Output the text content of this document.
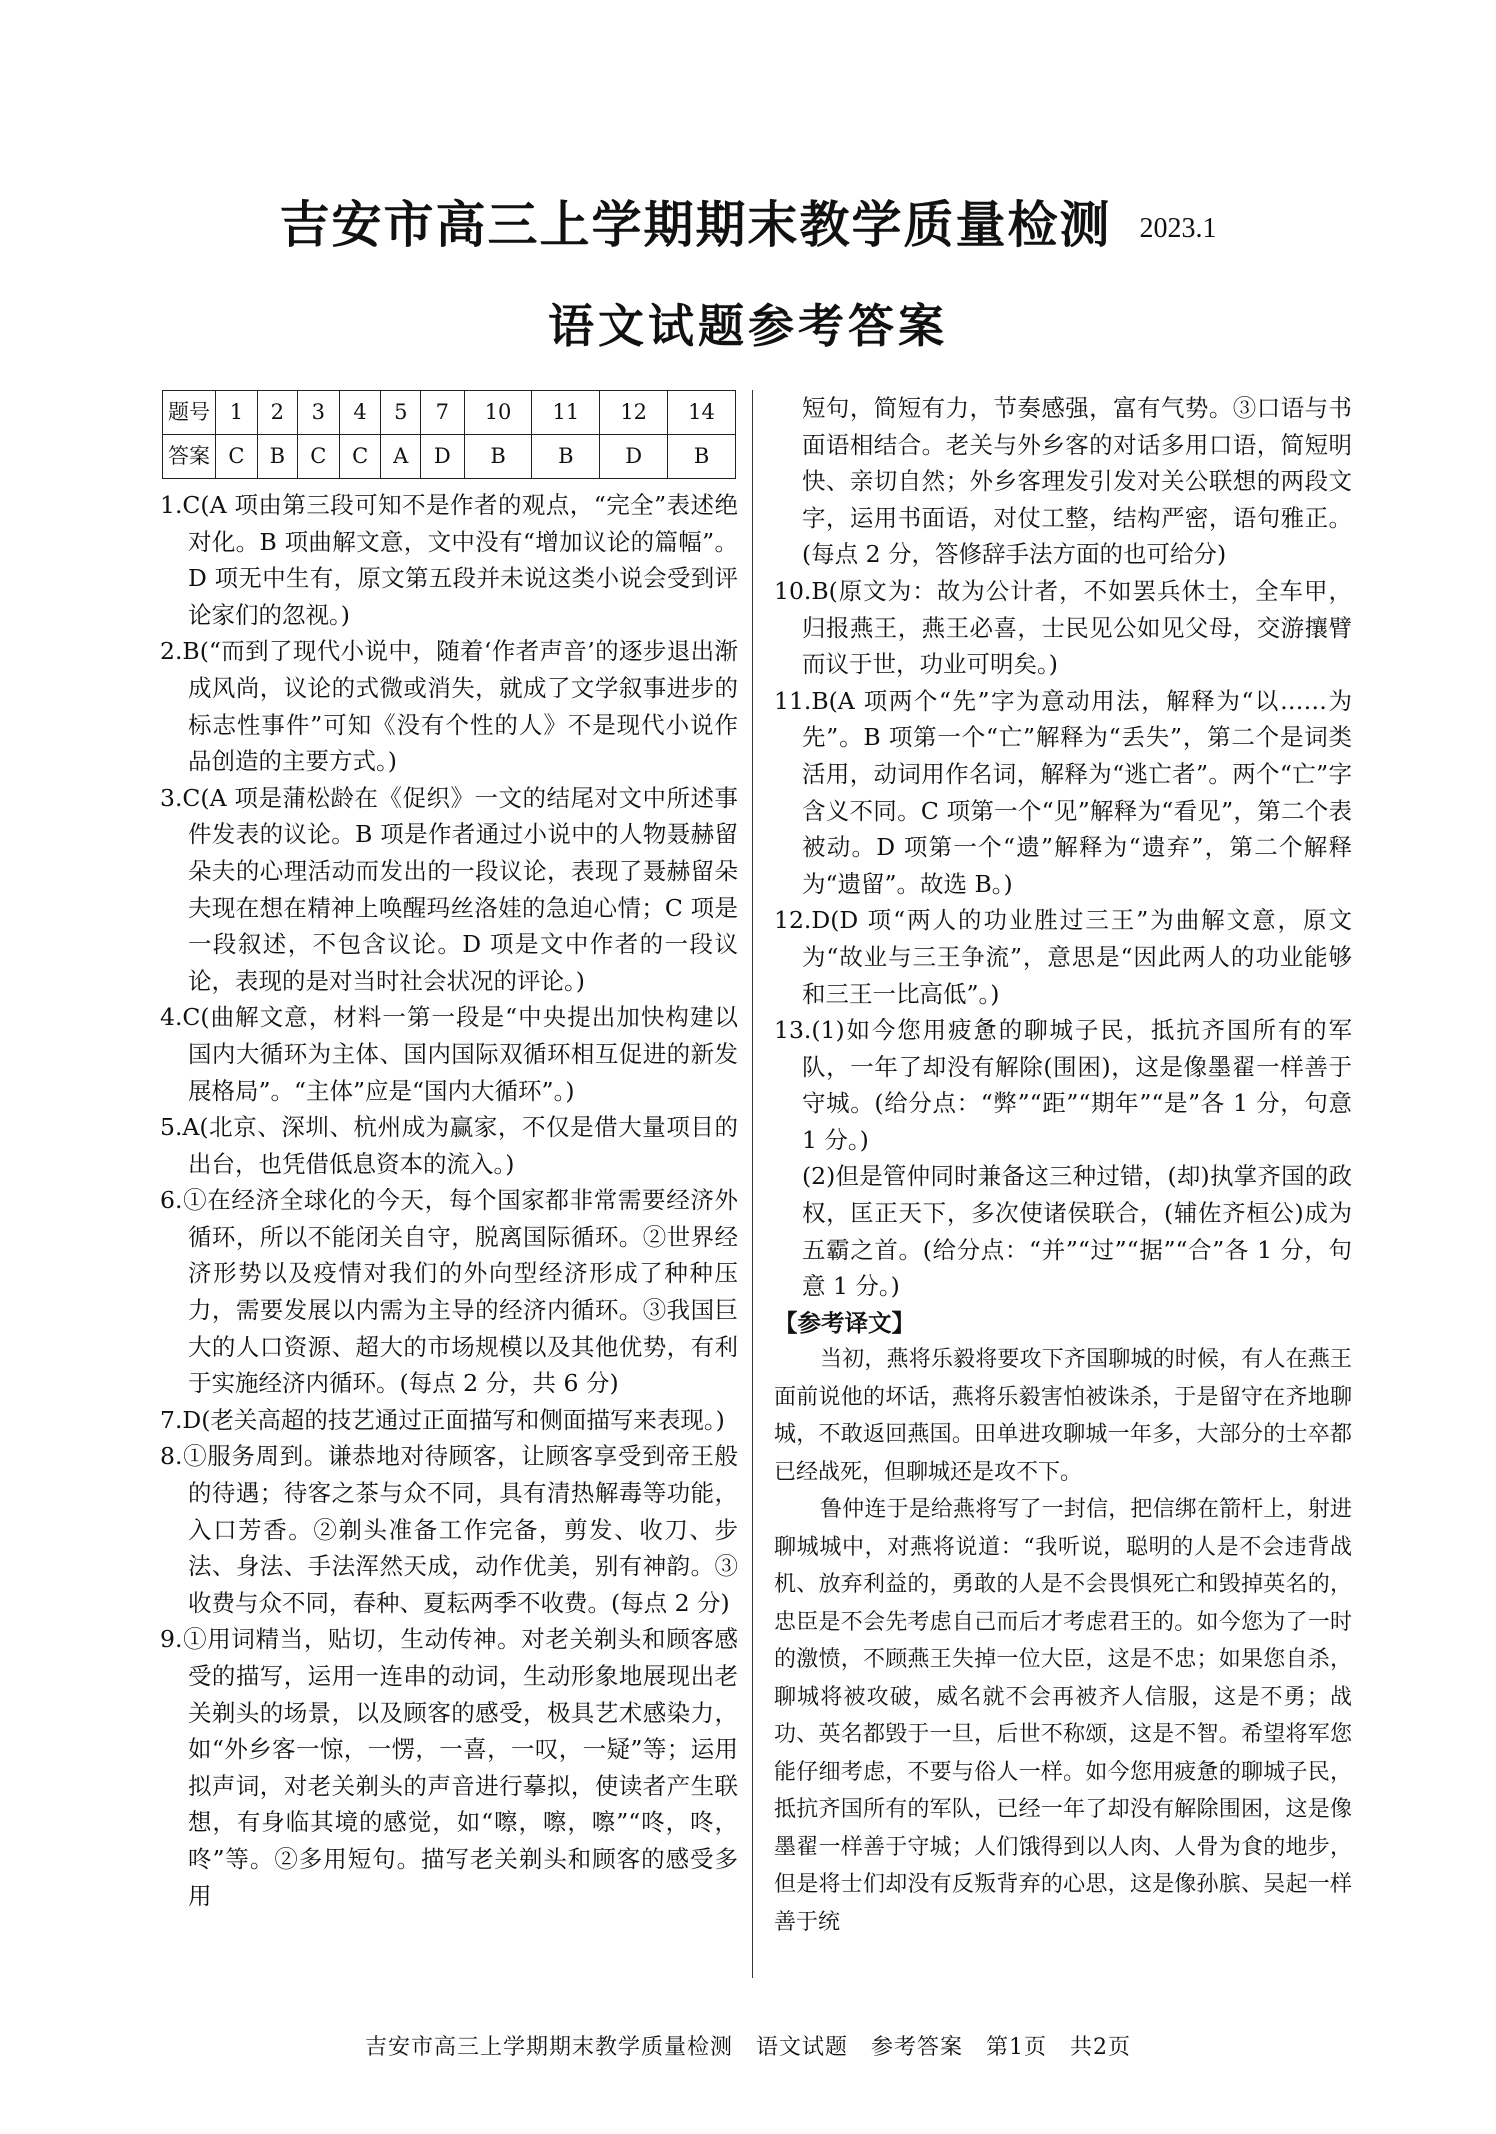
吉安市高三上学期期末教学质量检测 2023.1
语文试题参考答案
题号	1	2	3	4	5	7	10	11	12	14
答案	C	B	C	C	A	D	B	B	D	B

1.C(A 项由第三段可知不是作者的观点，“完全”表述绝对化。B 项曲解文意，文中没有“增加议论的篇幅”。D 项无中生有，原文第五段并未说这类小说会受到评论家们的忽视。)

2.B(“而到了现代小说中，随着‘作者声音’的逐步退出渐成风尚，议论的式微或消失，就成了文学叙事进步的标志性事件”可知《没有个性的人》不是现代小说作品创造的主要方式。)

3.C(A 项是蒲松龄在《促织》一文的结尾对文中所述事件发表的议论。B 项是作者通过小说中的人物聂赫留朵夫的心理活动而发出的一段议论，表现了聂赫留朵夫现在想在精神上唤醒玛丝洛娃的急迫心情；C 项是一段叙述，不包含议论。D 项是文中作者的一段议论，表现的是对当时社会状况的评论。)

4.C(曲解文意，材料一第一段是“中央提出加快构建以国内大循环为主体、国内国际双循环相互促进的新发展格局”。“主体”应是“国内大循环”。)

5.A(北京、深圳、杭州成为赢家，不仅是借大量项目的出台，也凭借低息资本的流入。)

6.①在经济全球化的今天，每个国家都非常需要经济外循环，所以不能闭关自守，脱离国际循环。②世界经济形势以及疫情对我们的外向型经济形成了种种压力，需要发展以内需为主导的经济内循环。③我国巨大的人口资源、超大的市场规模以及其他优势，有利于实施经济内循环。(每点 2 分，共 6 分)

7.D(老关高超的技艺通过正面描写和侧面描写来表现。)

8.①服务周到。谦恭地对待顾客，让顾客享受到帝王般的待遇；待客之茶与众不同，具有清热解毒等功能，入口芳香。②剃头准备工作完备，剪发、收刀、步法、身法、手法浑然天成，动作优美，别有神韵。③收费与众不同，春种、夏耘两季不收费。(每点 2 分)

9.①用词精当，贴切，生动传神。对老关剃头和顾客感受的描写，运用一连串的动词，生动形象地展现出老关剃头的场景，以及顾客的感受，极具艺术感染力，如“外乡客一惊，一愣，一喜，一叹，一疑”等；运用拟声词，对老关剃头的声音进行摹拟，使读者产生联想，有身临其境的感觉，如“嚓，嚓，嚓”“咚，咚，咚”等。②多用短句。描写老关剃头和顾客的感受多用

短句，简短有力，节奏感强，富有气势。③口语与书面语相结合。老关与外乡客的对话多用口语，简短明快、亲切自然；外乡客理发引发对关公联想的两段文字，运用书面语，对仗工整，结构严密，语句雅正。(每点 2 分，答修辞手法方面的也可给分)

10.B(原文为：故为公计者，不如罢兵休士，全车甲，归报燕王，燕王必喜，士民见公如见父母，交游攘臂而议于世，功业可明矣。)

11.B(A 项两个“先”字为意动用法，解释为“以……为先”。B 项第一个“亡”解释为“丢失”，第二个是词类活用，动词用作名词，解释为“逃亡者”。两个“亡”字含义不同。C 项第一个“见”解释为“看见”，第二个表被动。D 项第一个“遗”解释为“遗弃”，第二个解释为“遗留”。故选 B。)

12.D(D 项“两人的功业胜过三王”为曲解文意，原文为“故业与三王争流”，意思是“因此两人的功业能够和三王一比高低”。)

13.(1)如今您用疲惫的聊城子民，抵抗齐国所有的军队，一年了却没有解除(围困)，这是像墨翟一样善于守城。(给分点：“弊”“距”“期年”“是”各 1 分，句意 1 分。)

(2)但是管仲同时兼备这三种过错，(却)执掌齐国的政权，匡正天下，多次使诸侯联合，(辅佐齐桓公)成为五霸之首。(给分点：“并”“过”“据”“合”各 1 分，句意 1 分。)

【参考译文】

当初，燕将乐毅将要攻下齐国聊城的时候，有人在燕王面前说他的坏话，燕将乐毅害怕被诛杀，于是留守在齐地聊城，不敢返回燕国。田单进攻聊城一年多，大部分的士卒都已经战死，但聊城还是攻不下。

鲁仲连于是给燕将写了一封信，把信绑在箭杆上，射进聊城城中，对燕将说道：“我听说，聪明的人是不会违背战机、放弃利益的，勇敢的人是不会畏惧死亡和毁掉英名的，忠臣是不会先考虑自己而后才考虑君王的。如今您为了一时的激愤，不顾燕王失掉一位大臣，这是不忠；如果您自杀，聊城将被攻破，威名就不会再被齐人信服，这是不勇；战功、英名都毁于一旦，后世不称颂，这是不智。希望将军您能仔细考虑，不要与俗人一样。如今您用疲惫的聊城子民，抵抗齐国所有的军队，已经一年了却没有解除围困，这是像墨翟一样善于守城；人们饿得到以人肉、人骨为食的地步，但是将士们却没有反叛背弃的心思，这是像孙膑、吴起一样善于统

吉安市高三上学期期末教学质量检测　语文试题　参考答案　第1页　共2页
